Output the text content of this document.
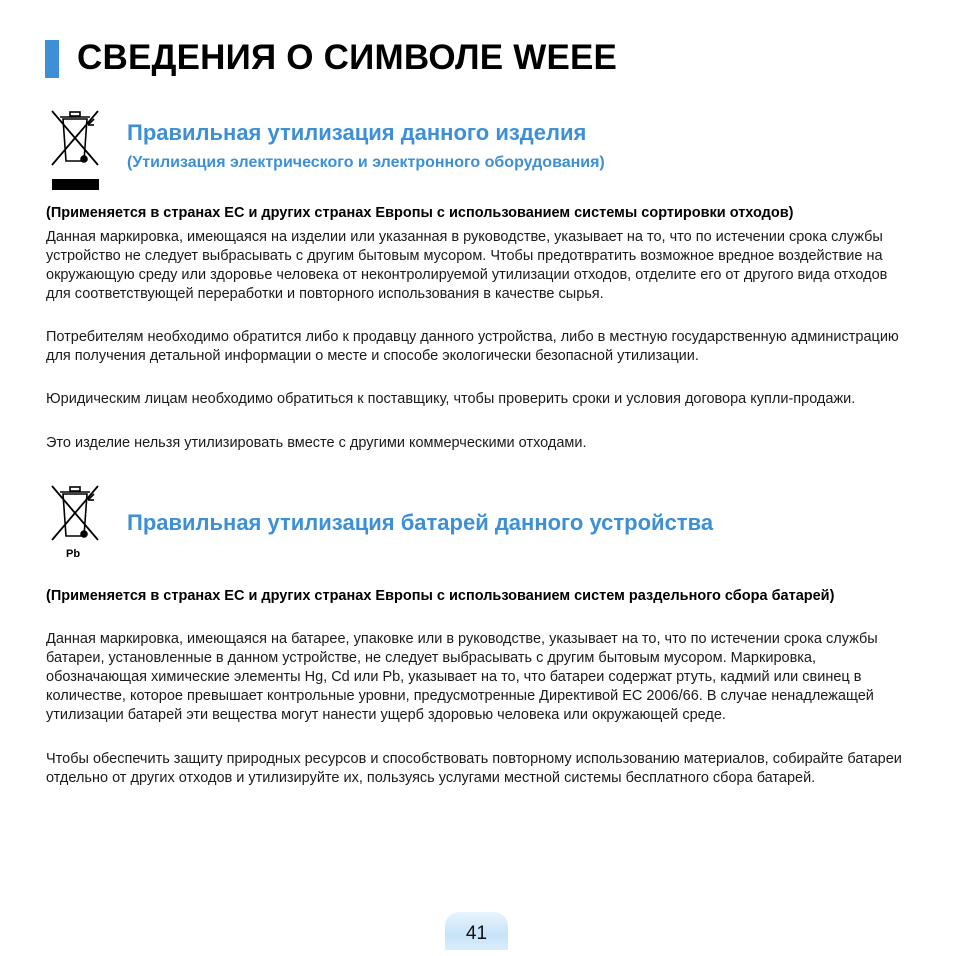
СВЕДЕНИЯ О СИМВОЛЕ WEEE
Правильная утилизация данного изделия
(Утилизация электрического и электронного оборудования)

(Применяется в странах ЕС и других странах Европы с использованием системы сортировки отходов)

Данная маркировка, имеющаяся на изделии или указанная в руководстве, указывает на то, что по истечении срока службы устройство не следует выбрасывать с другим бытовым мусором. Чтобы предотвратить возможное вредное воздействие на окружающую среду или здоровье человека от неконтролируемой утилизации отходов, отделите его от другого вида отходов для соответствующей переработки и повторного использования в качестве сырья.

Потребителям необходимо обратится либо к продавцу данного устройства, либо в местную государственную администрацию для получения детальной информации о месте и способе экологически безопасной утилизации.

Юридическим лицам необходимо обратиться к поставщику, чтобы проверить сроки и условия договора купли-продажи.

Это изделие нельзя утилизировать вместе с другими коммерческими отходами.

Pb
Правильная утилизация батарей данного устройства

(Применяется в странах ЕС и других странах Европы с использованием систем раздельного сбора батарей)

Данная маркировка, имеющаяся на батарее, упаковке или в руководстве, указывает на то, что по истечении срока службы батареи, установленные в данном устройстве, не следует выбрасывать с другим бытовым мусором. Маркировка, обозначающая химические элементы Hg, Cd или Pb, указывает на то, что батареи содержат ртуть, кадмий или свинец в количестве, которое превышает контрольные уровни, предусмотренные Директивой ЕС 2006/66. В случае ненадлежащей утилизации батарей эти вещества могут нанести ущерб здоровью человека или окружающей среде.

Чтобы обеспечить защиту природных ресурсов и способствовать повторному использованию материалов, собирайте батареи отдельно от других отходов и утилизируйте их, пользуясь услугами местной системы бесплатного сбора батарей.

41
